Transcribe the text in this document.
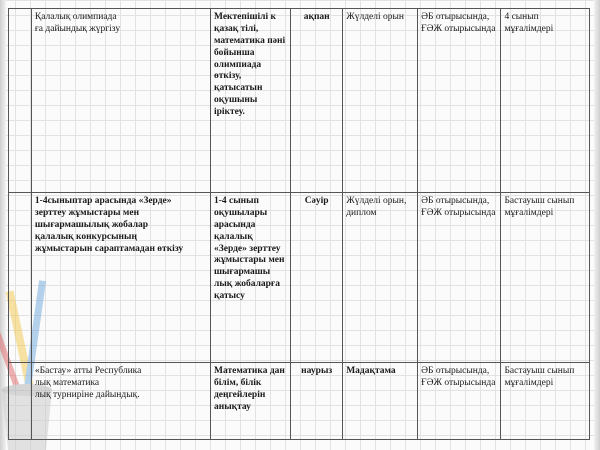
	Қалалық олимпиада
ға дайындық жүргізу	Мектепішілі к қазақ тілі, математика пәні бойынша олимпиада өткізу, қатысатын оқушыны іріктеу.	ақпан	Жүлделі орын	ӘБ отырысында, ҒӘЖ отырысында	4 сынып мұғалімдері

	1-4сыныптар арасында «Зерде»
зерттеу жұмыстары мен
шығармашылық жобалар
қалалық конкурсының
жұмыстарын сараптамадан өткізу	1-4 сынып оқушылары арасында қалалық «Зерде» зерттеу жұмыстары мен шығармашы лық жобаларға қатысу	Сәуір	Жүлделі орын, диплом	ӘБ отырысында, ҒӘЖ отырысында	Бастауыш сынып мұғалімдері

	«Бастау» атты Республика
лық математика
лық турниріне дайындық.	Математика дан білім, білік деңгейлерін анықтау	наурыз	Мадақтама	ӘБ отырысында, ҒӘЖ отырысында	Бастауыш сынып мұғалімдері
